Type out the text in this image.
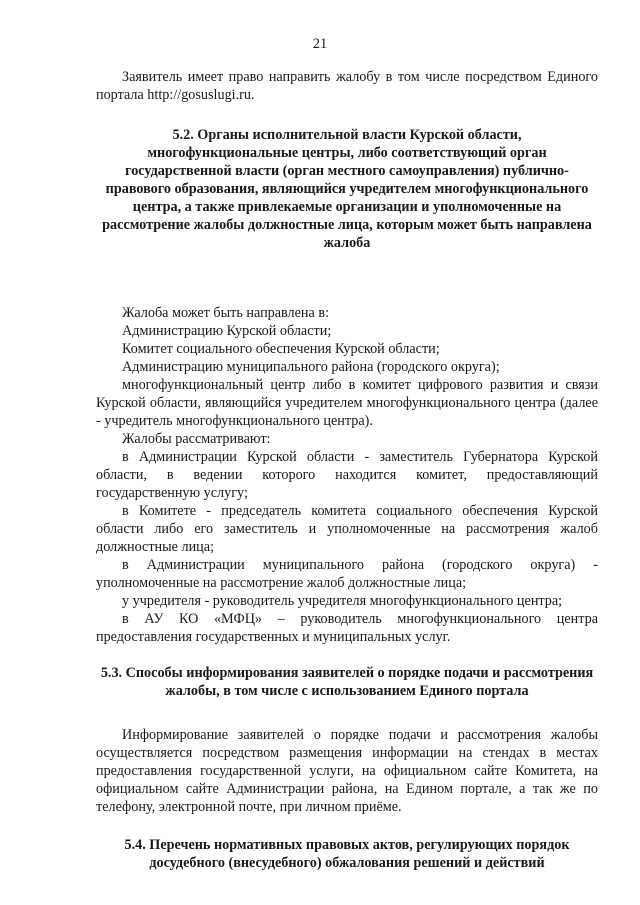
21

Заявитель имеет право направить жалобу в том числе посредством Единого портала http://gosuslugi.ru.

5.2. Органы исполнительной власти Курской области, многофункциональные центры, либо соответствующий орган государственной власти (орган местного самоуправления) публично-правового образования, являющийся учредителем многофункционального центра, а также привлекаемые организации и уполномоченные на рассмотрение жалобы должностные лица, которым может быть направлена жалоба

Жалоба может быть направлена в:

Администрацию Курской области;

Комитет социального обеспечения Курской области;

Администрацию муниципального района (городского округа);

многофункциональный центр либо в комитет цифрового развития и связи Курской области, являющийся учредителем многофункционального центра (далее - учредитель многофункционального центра).

Жалобы рассматривают:

в Администрации Курской области - заместитель Губернатора Курской области, в ведении которого находится комитет, предоставляющий государственную услугу;

в Комитете - председатель комитета социального обеспечения Курской области либо его заместитель и уполномоченные на рассмотрения жалоб должностные лица;

в Администрации муниципального района (городского округа) - уполномоченные на рассмотрение жалоб должностные лица;

у учредителя - руководитель учредителя многофункционального центра;

в АУ КО «МФЦ» – руководитель многофункционального центра предоставления государственных и муниципальных услуг.

5.3. Способы информирования заявителей о порядке подачи и рассмотрения жалобы, в том числе с использованием Единого портала

Информирование заявителей о порядке подачи и рассмотрения жалобы осуществляется посредством размещения информации на стендах в местах предоставления государственной услуги, на официальном сайте Комитета, на официальном сайте Администрации района, на Едином портале, а так же по телефону, электронной почте, при личном приёме.

5.4. Перечень нормативных правовых актов, регулирующих порядок досудебного (внесудебного) обжалования решений и действий
